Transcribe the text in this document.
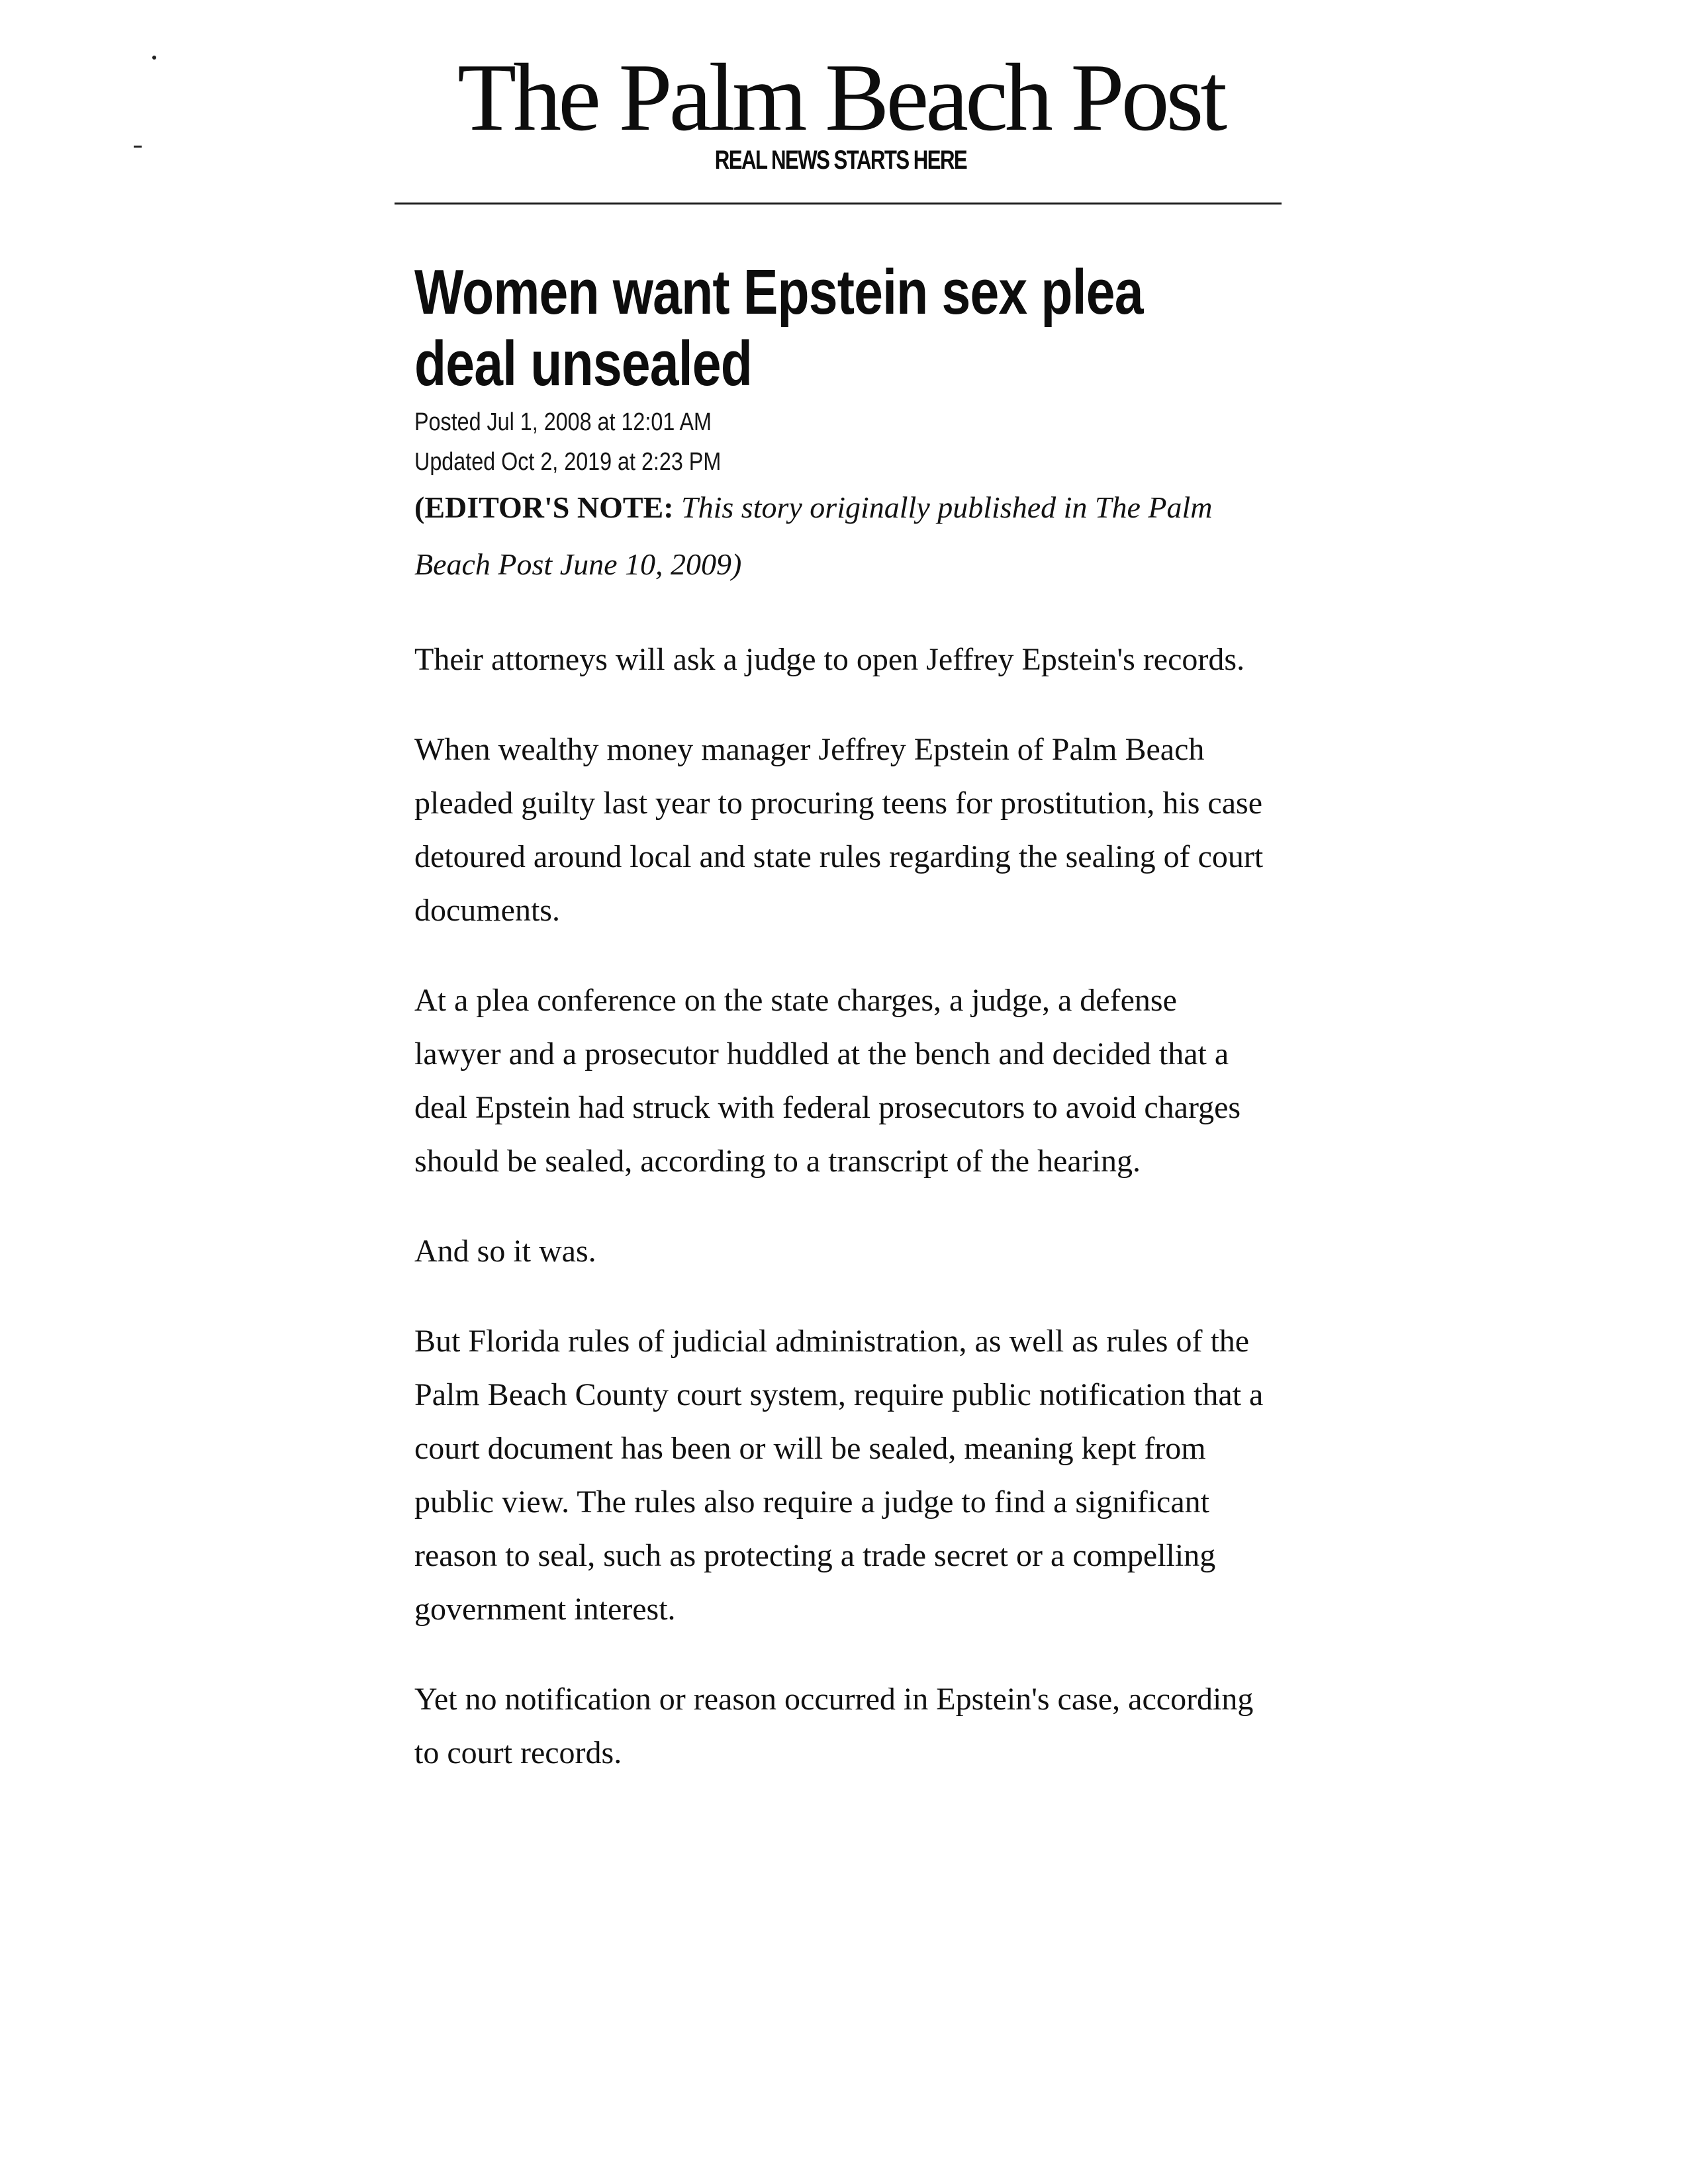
The Palm Beach Post
REAL NEWS STARTS HERE
Women want Epstein sex plea deal unsealed
Posted Jul 1, 2008 at 12:01 AM
Updated Oct 2, 2019 at 2:23 PM
(EDITOR'S NOTE: This story originally published in The Palm Beach Post June 10, 2009)

Their attorneys will ask a judge to open Jeffrey Epstein's records.

When wealthy money manager Jeffrey Epstein of Palm Beach pleaded guilty last year to procuring teens for prostitution, his case detoured around local and state rules regarding the sealing of court documents.

At a plea conference on the state charges, a judge, a defense lawyer and a prosecutor huddled at the bench and decided that a deal Epstein had struck with federal prosecutors to avoid charges should be sealed, according to a transcript of the hearing.

And so it was.

But Florida rules of judicial administration, as well as rules of the Palm Beach County court system, require public notification that a court document has been or will be sealed, meaning kept from public view. The rules also require a judge to find a significant reason to seal, such as protecting a trade secret or a compelling government interest.

Yet no notification or reason occurred in Epstein's case, according to court records.
